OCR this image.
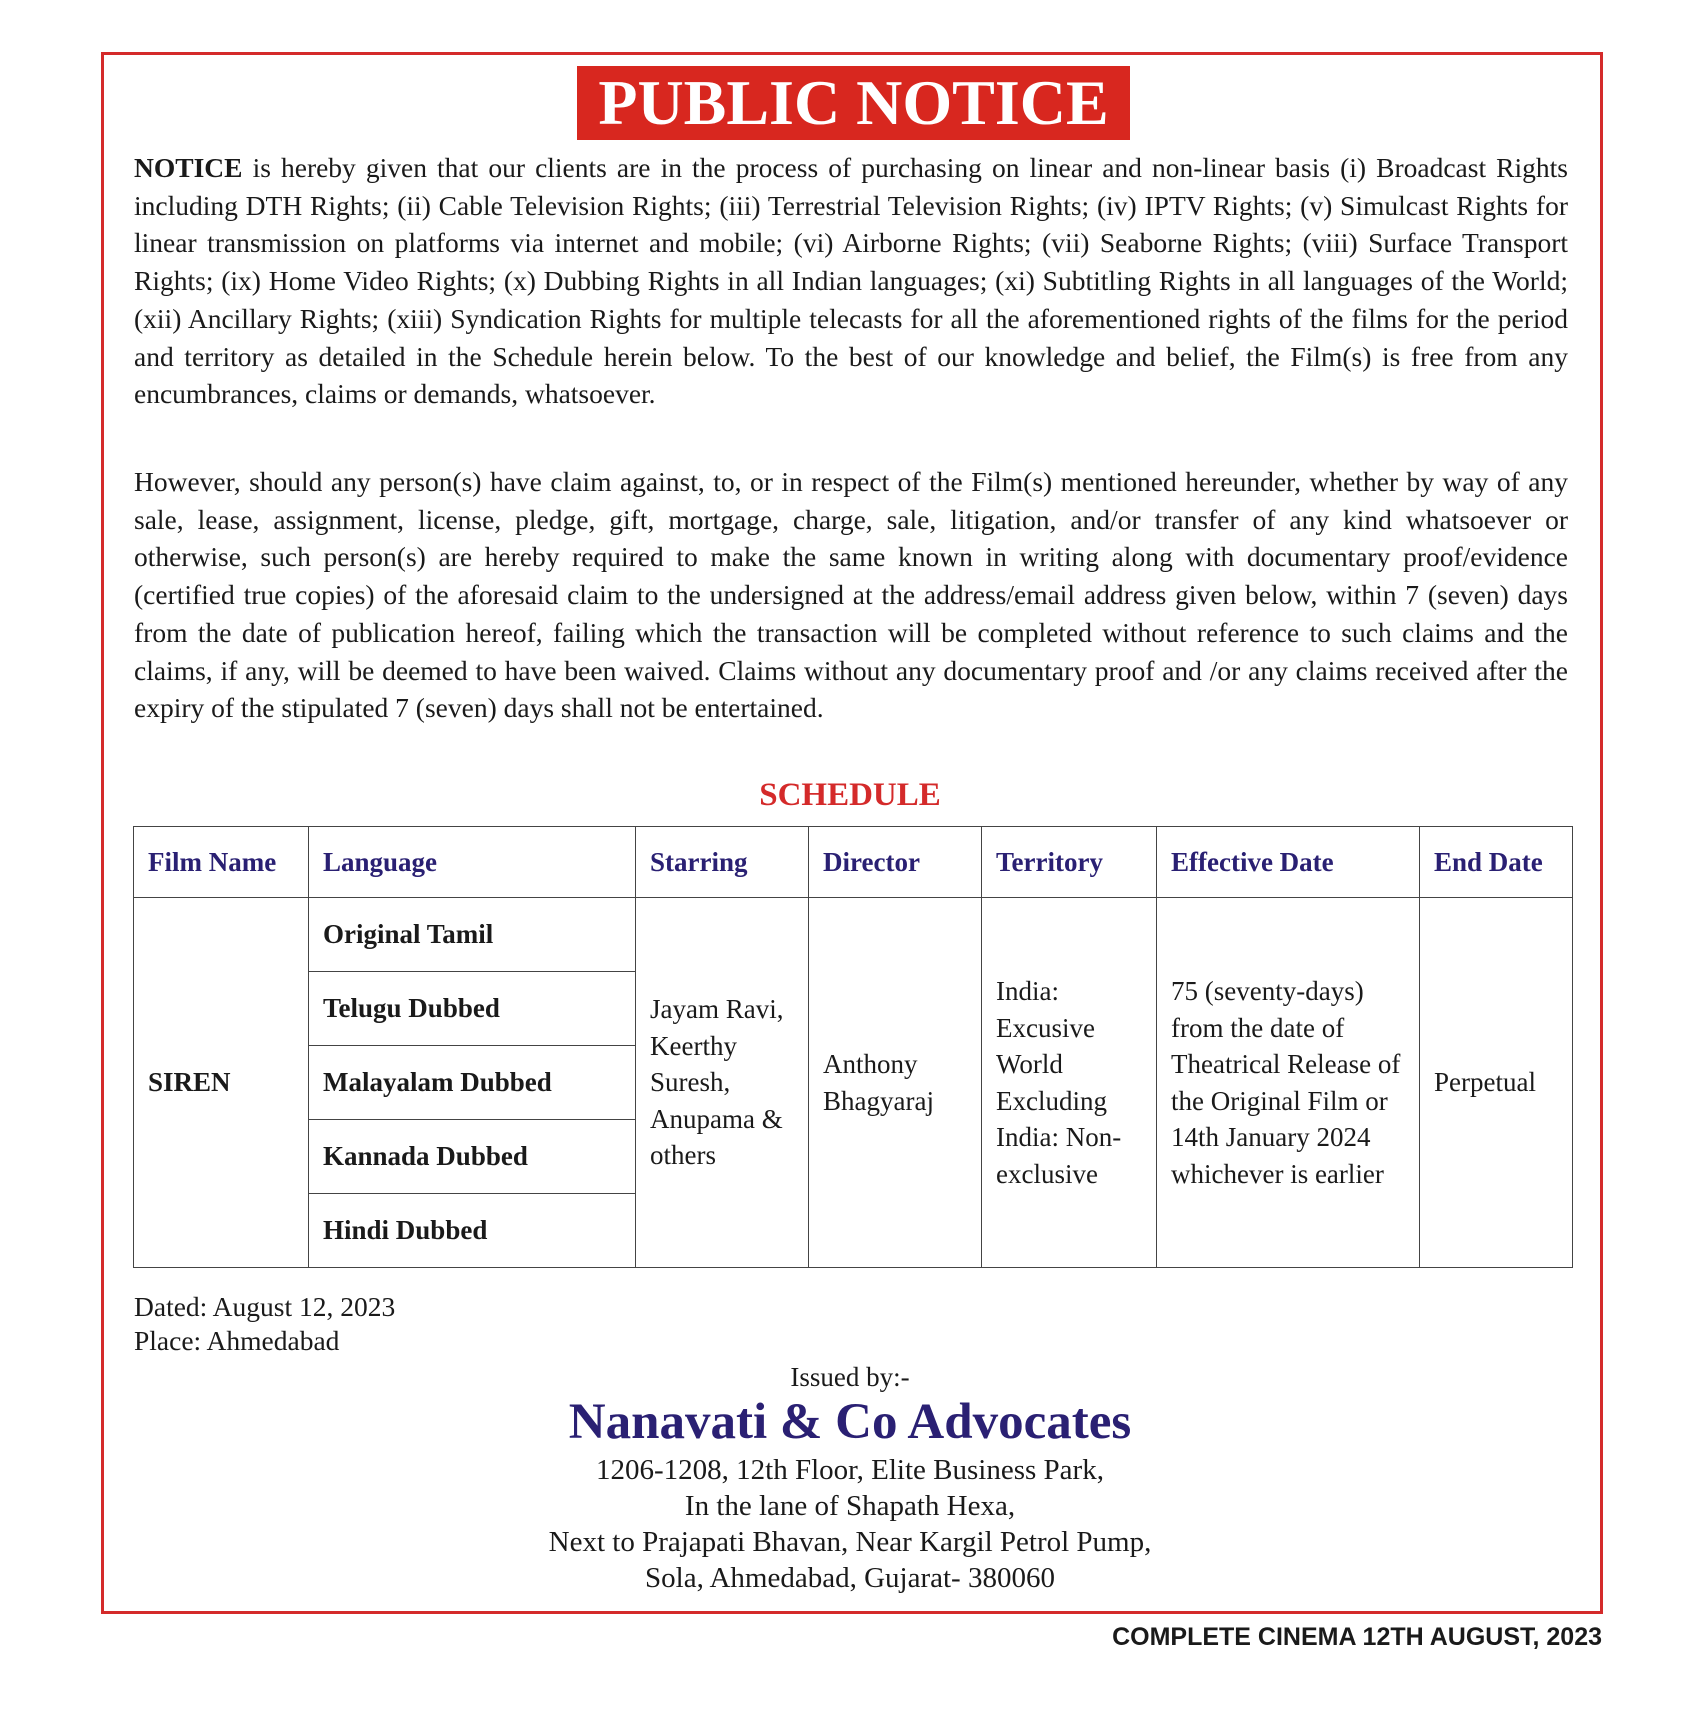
PUBLIC NOTICE

NOTICE is hereby given that our clients are in the process of purchasing on linear and non-linear basis (i) Broadcast Rights including DTH Rights; (ii) Cable Television Rights; (iii) Terrestrial Television Rights; (iv) IPTV Rights; (v) Simulcast Rights for linear transmission on platforms via internet and mobile; (vi) Airborne Rights; (vii) Seaborne Rights; (viii) Surface Transport Rights; (ix) Home Video Rights; (x) Dubbing Rights in all Indian languages; (xi) Subtitling Rights in all languages of the World; (xii) Ancillary Rights; (xiii) Syndication Rights for multiple telecasts for all the aforementioned rights of the films for the period and territory as detailed in the Schedule herein below. To the best of our knowledge and belief, the Film(s) is free from any encumbrances, claims or demands, whatsoever.

However, should any person(s) have claim against, to, or in respect of the Film(s) mentioned hereunder, whether by way of any sale, lease, assignment, license, pledge, gift, mortgage, charge, sale, litigation, and/or transfer of any kind whatsoever or otherwise, such person(s) are hereby required to make the same known in writing along with documentary proof/evidence (certified true copies) of the aforesaid claim to the undersigned at the address/email address given below, within 7 (seven) days from the date of publication hereof, failing which the transaction will be completed without reference to such claims and the claims, if any, will be deemed to have been waived. Claims without any documentary proof and /or any claims received after the expiry of the stipulated 7 (seven) days shall not be entertained.

SCHEDULE
Film Name	Language	Starring	Director	Territory	Effective Date	End Date
SIREN	Original Tamil	Jayam Ravi, Keerthy Suresh, Anupama & others	Anthony Bhagyaraj	India: Excusive World Excluding India: Non-exclusive	75 (seventy-days) from the date of Theatrical Release of the Original Film or 14th January 2024 whichever is earlier	Perpetual
	Telugu Dubbed					
	Malayalam Dubbed					
	Kannada Dubbed					
	Hindi Dubbed					
Dated: August 12, 2023
Place: Ahmedabad
Issued by:-
Nanavati & Co Advocates
1206-1208, 12th Floor, Elite Business Park,
In the lane of Shapath Hexa,
Next to Prajapati Bhavan, Near Kargil Petrol Pump,
Sola, Ahmedabad, Gujarat- 380060
COMPLETE CINEMA 12TH AUGUST, 2023
